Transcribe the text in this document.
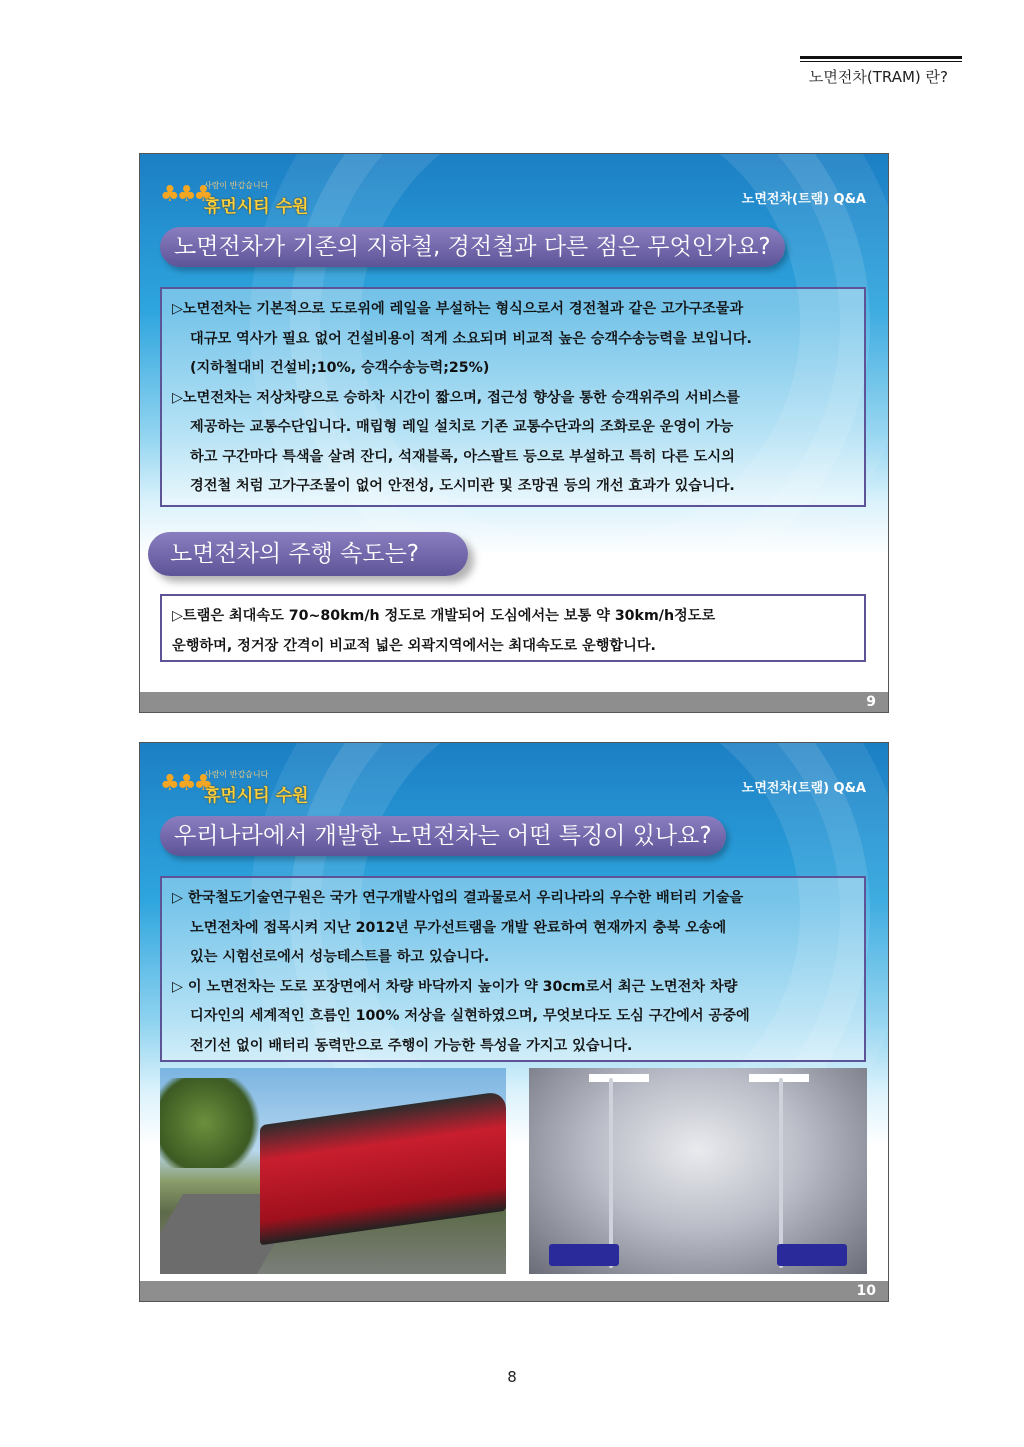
노면전차(TRAM) 란?
♣♣♣
사람이 반갑습니다
휴먼시티 수원	노면전차(트램) Q&A
노면전차가 기존의 지하철, 경전철과 다른 점은 무엇인가요?

▷노면전차는 기본적으로 도로위에 레일을 부설하는 형식으로서 경전철과 같은 고가구조물과

대규모 역사가 필요 없어 건설비용이 적게 소요되며 비교적 높은 승객수송능력을 보입니다.

(지하철대비 건설비;10%, 승객수송능력;25%)

▷노면전차는 저상차량으로 승하차 시간이 짧으며, 접근성 향상을 통한 승객위주의 서비스를

제공하는 교통수단입니다. 매립형 레일 설치로 기존 교통수단과의 조화로운 운영이 가능

하고 구간마다 특색을 살려 잔디, 석재블록, 아스팔트 등으로 부설하고 특히 다른 도시의

경전철 처럼 고가구조물이 없어 안전성, 도시미관 및 조망권 등의 개선 효과가 있습니다.

노면전차의 주행 속도는?

▷트램은 최대속도 70~80km/h 정도로 개발되어 도심에서는 보통 약 30km/h정도로

운행하며, 정거장 간격이 비교적 넓은 외곽지역에서는 최대속도로 운행합니다.

9
♣♣♣
사람이 반갑습니다
휴먼시티 수원	노면전차(트램) Q&A
우리나라에서 개발한 노면전차는 어떤 특징이 있나요?

▷ 한국철도기술연구원은 국가 연구개발사업의 결과물로서 우리나라의 우수한 배터리 기술을

노면전차에 접목시켜 지난 2012년 무가선트램을 개발 완료하여 현재까지 충북 오송에

있는 시험선로에서 성능테스트를 하고 있습니다.

▷ 이 노면전차는 도로 포장면에서 차량 바닥까지 높이가 약 30cm로서 최근 노면전차 차량

디자인의 세계적인 흐름인 100% 저상을 실현하였으며, 무엇보다도 도심 구간에서 공중에

전기선 없이 배터리 동력만으로 주행이 가능한 특성을 가지고 있습니다.

10
8
